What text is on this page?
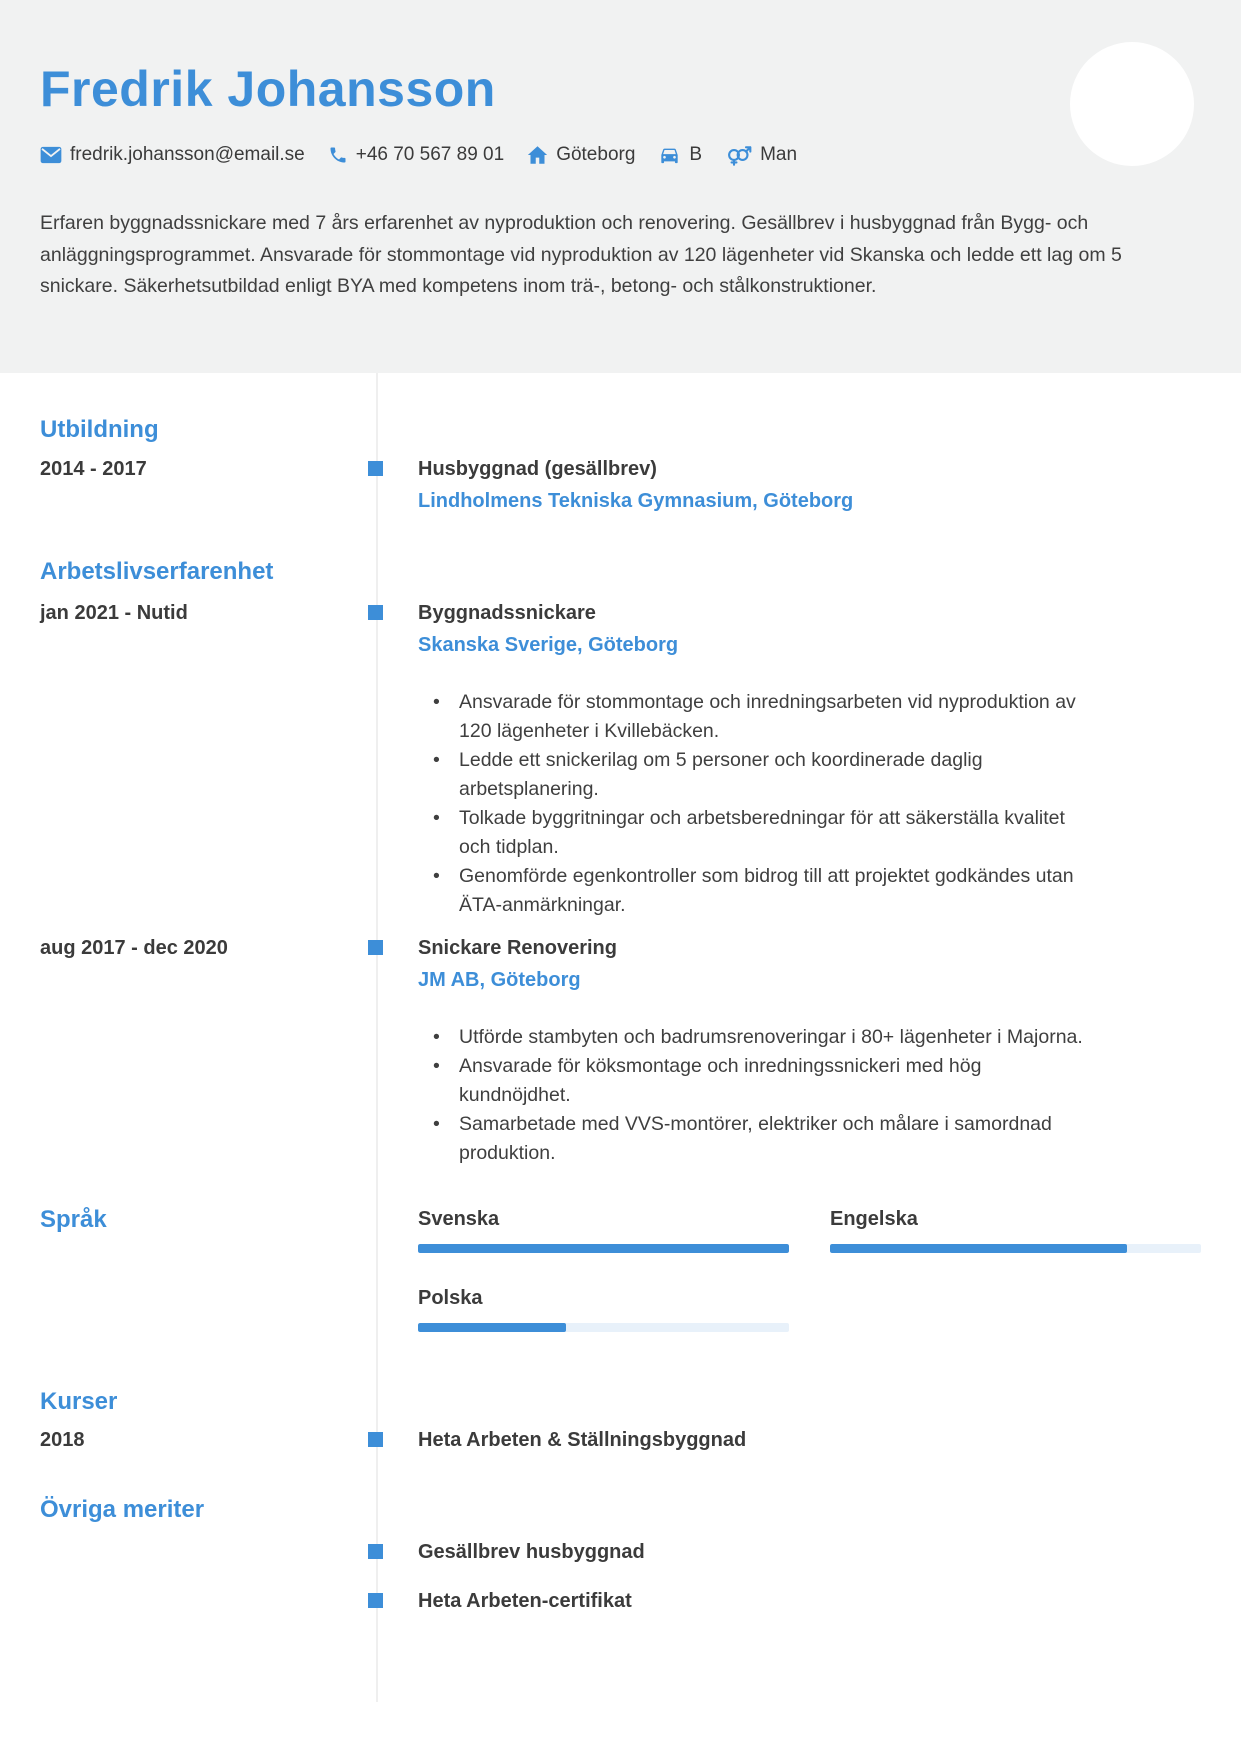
Fredrik Johansson
fredrik.johansson@email.se	+46 70 567 89 01	Göteborg	B	Man

Erfaren byggnadssnickare med 7 års erfarenhet av nyproduktion och renovering. Gesällbrev i husbyggnad från Bygg- och anläggningsprogrammet. Ansvarade för stommontage vid nyproduktion av 120 lägenheter vid Skanska och ledde ett lag om 5 snickare. Säkerhetsutbildad enligt BYA med kompetens inom trä-, betong- och stålkonstruktioner.

Utbildning
2014 - 2017	Husbyggnad (gesällbrev)
Lindholmens Tekniska Gymnasium, Göteborg
Arbetslivserfarenhet
jan 2021 - Nutid	Byggnadssnickare
Skanska Sverige, Göteborg
• Ansvarade för stommontage och inredningsarbeten vid nyproduktion av 120 lägenheter i Kvillebäcken.
• Ledde ett snickerilag om 5 personer och koordinerade daglig arbetsplanering.
• Tolkade byggritningar och arbetsberedningar för att säkerställa kvalitet och tidplan.
• Genomförde egenkontroller som bidrog till att projektet godkändes utan ÄTA-anmärkningar.
aug 2017 - dec 2020	Snickare Renovering
JM AB, Göteborg
• Utförde stambyten och badrumsrenoveringar i 80+ lägenheter i Majorna.
• Ansvarade för köksmontage och inredningssnickeri med hög kundnöjdhet.
• Samarbetade med VVS-montörer, elektriker och målare i samordnad produktion.
Språk	Svenska	Engelska
Polska
Kurser
2018	Heta Arbeten & Ställningsbyggnad
Övriga meriter
Gesällbrev husbyggnad
Heta Arbeten-certifikat
